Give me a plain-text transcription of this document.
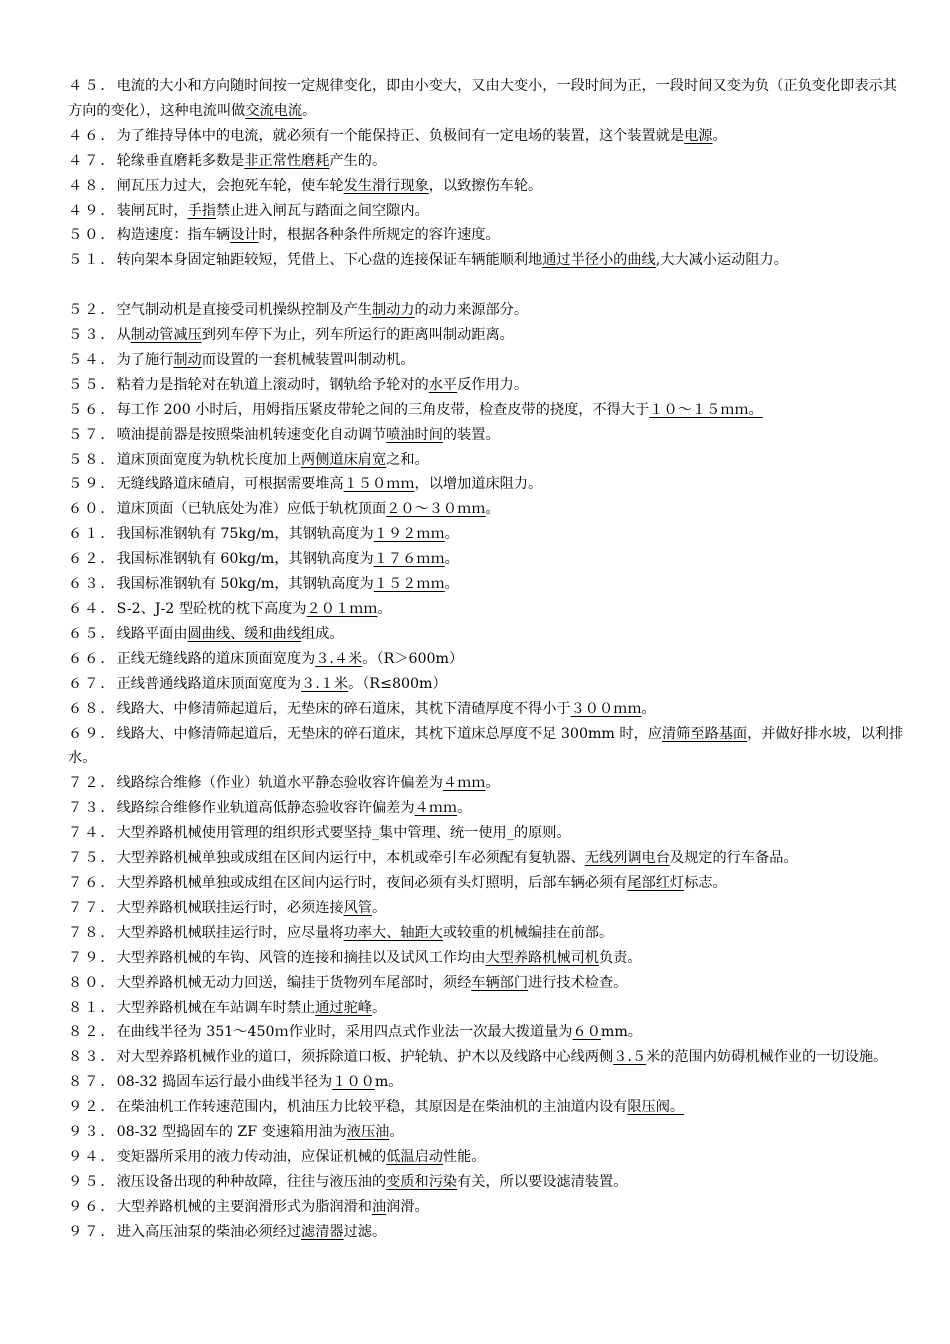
４５．电流的大小和方向随时间按一定规律变化，即由小变大，又由大变小，一段时间为正，一段时间又变为负（正负变化即表示其方向的变化），这种电流叫做交流电流。

４６．为了维持导体中的电流，就必须有一个能保持正、负极间有一定电场的装置，这个装置就是电源。

４７．轮缘垂直磨耗多数是非正常性磨耗产生的。

４８．闸瓦压力过大，会抱死车轮，使车轮发生滑行现象，以致擦伤车轮。

４９．装闸瓦时，手指禁止进入闸瓦与踏面之间空隙内。

５０．构造速度：指车辆设计时，根据各种条件所规定的容许速度。

５１．转向架本身固定轴距较短，凭借上、下心盘的连接保证车辆能顺利地通过半径小的曲线,大大减小运动阻力。

５２．空气制动机是直接受司机操纵控制及产生制动力的动力来源部分。

５３．从制动管减压到列车停下为止，列车所运行的距离叫制动距离。

５４．为了施行制动而设置的一套机械装置叫制动机。

５５．粘着力是指轮对在轨道上滚动时，钢轨给予轮对的水平反作用力。

５６．每工作 200 小时后，用姆指压紧皮带轮之间的三角皮带，检查皮带的挠度，不得大于１０～１５ｍｍ。

５７．喷油提前器是按照柴油机转速变化自动调节喷油时间的装置。

５８．道床顶面宽度为轨枕长度加上两侧道床肩宽之和。

５９．无缝线路道床碴肩，可根据需要堆高１５０ｍｍ，以增加道床阻力。

６０．道床顶面（已轨底处为准）应低于轨枕顶面２０～３０ｍｍ。

６１．我国标准钢轨有 75kg/m，其钢轨高度为１９２ｍｍ。

６２．我国标准钢轨有 60kg/m，其钢轨高度为１７６ｍｍ。

６３．我国标准钢轨有 50kg/m，其钢轨高度为１５２ｍｍ。

６４．S-2、J-2 型砼枕的枕下高度为２０１ｍｍ。

６５．线路平面由圆曲线、缓和曲线组成。

６６．正线无缝线路的道床顶面宽度为３.４米。（R＞600m）

６７．正线普通线路道床顶面宽度为３.１米。（R≤800m）

６８．线路大、中修清筛起道后，无垫床的碎石道床，其枕下清碴厚度不得小于３００ｍｍ。

６９．线路大、中修清筛起道后，无垫床的碎石道床，其枕下道床总厚度不足 300mm 时，应清筛至路基面，并做好排水坡，以利排水。

７２．线路综合维修（作业）轨道水平静态验收容许偏差为４ｍｍ。

７３．线路综合维修作业轨道高低静态验收容许偏差为４ｍｍ。

７４．大型养路机械使用管理的组织形式要坚持_集中管理、统一使用_的原则。

７５．大型养路机械单独或成组在区间内运行中，本机或牵引车必须配有复轨器、无线列调电台及规定的行车备品。

７６．大型养路机械单独或成组在区间内运行时，夜间必须有头灯照明，后部车辆必须有尾部红灯标志。

７７．大型养路机械联挂运行时，必须连接风管。

７８．大型养路机械联挂运行时，应尽量将功率大、轴距大或较重的机械编挂在前部。

７９．大型养路机械的车钩、风管的连接和摘挂以及试风工作均由大型养路机械司机负责。

８０．大型养路机械无动力回送，编挂于货物列车尾部时，须经车辆部门进行技术检查。

８１．大型养路机械在车站调车时禁止通过驼峰。

８２．在曲线半径为 351～450ｍ作业时，采用四点式作业法一次最大拨道量为６０mm。

８３．对大型养路机械作业的道口，须拆除道口板、护轮轨、护木以及线路中心线两侧３.５米的范围内妨碍机械作业的一切设施。

８７．08-32 捣固车运行最小曲线半径为１００m。

９２．在柴油机工作转速范围内，机油压力比较平稳，其原因是在柴油机的主油道内设有限压阀。

９３．08-32 型捣固车的 ZF 变速箱用油为液压油。

９４．变矩器所采用的液力传动油，应保证机械的低温启动性能。

９５．液压设备出现的种种故障，往往与液压油的变质和污染有关，所以要设滤清装置。

９６．大型养路机械的主要润滑形式为脂润滑和油润滑。

９７．进入高压油泵的柴油必须经过滤清器过滤。
